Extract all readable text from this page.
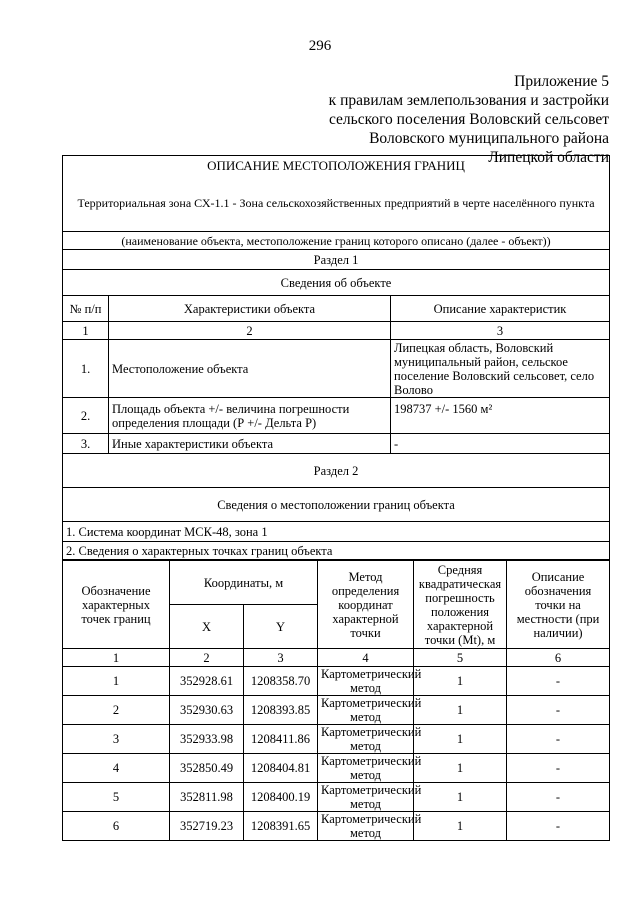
296
Приложение 5
к правилам землепользования и застройки
сельского поселения Воловский сельсовет
Воловского муниципального района
Липецкой области
ОПИСАНИЕ МЕСТОПОЛОЖЕНИЯ ГРАНИЦ		
Территориальная зона СХ-1.1 - Зона сельскохозяйственных предприятий в черте населённого пункта		
(наименование объекта, местоположение границ которого описано (далее - объект))		
Раздел 1		
Сведения об объекте		
№ п/п	Характеристики объекта	Описание характеристик
1	2	3
1.	Местоположение объекта	Липецкая область, Воловский муниципальный район, сельское поселение Воловский сельсовет, село Волово
2.	Площадь объекта +/- величина погрешности определения площади (Р +/- Дельта Р)	198737 +/- 1560 м²
3.	Иные характеристики объекта	-
Раздел 2		
Сведения о местоположении границ объекта		
1. Система координат МСК-48, зона 1		
2. Сведения о характерных точках границ объекта		
Обозначение характерных точек границ	Координаты, м		Метод определения координат характерной точки	Средняя квадратическая погрешность положения характерной точки (Mt), м	Описание обозначения точки на местности (при наличии)
	X	Y			
1	2	3	4	5	6
1	352928.61	1208358.70	Картометрический метод	1	-
2	352930.63	1208393.85	Картометрический метод	1	-
3	352933.98	1208411.86	Картометрический метод	1	-
4	352850.49	1208404.81	Картометрический метод	1	-
5	352811.98	1208400.19	Картометрический метод	1	-
6	352719.23	1208391.65	Картометрический метод	1	-
